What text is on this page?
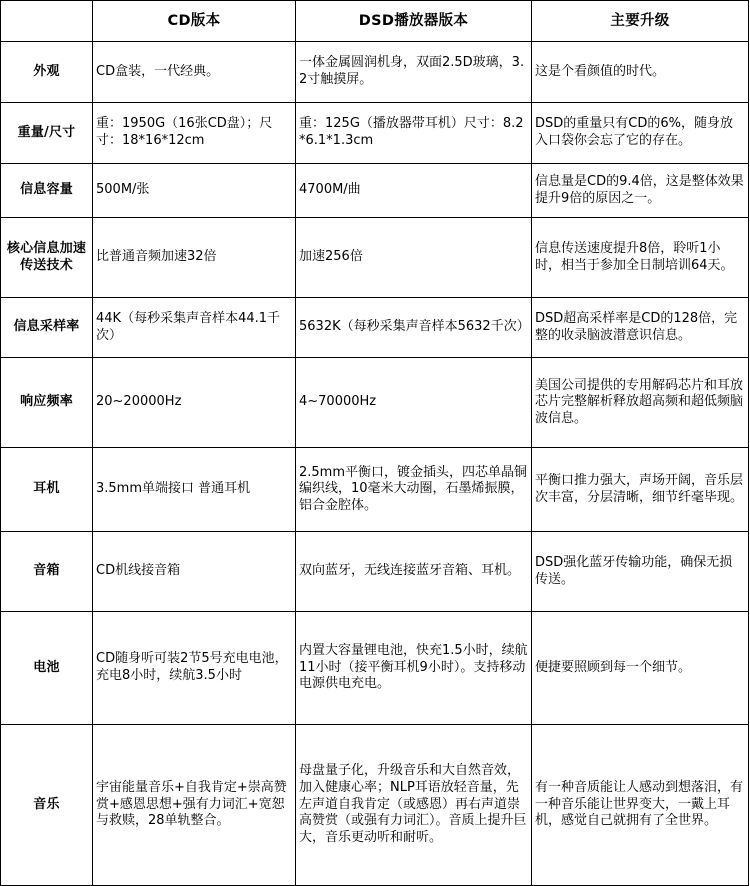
	CD版本	DSD播放器版本	主要升级
外观	CD盒装，一代经典。	一体金属圆润机身，双面2.5D玻璃，3.2寸触摸屏。	这是个看颜值的时代。
重量/尺寸	重：1950G（16张CD盘）；尺寸：18*16*12cm	重：125G（播放器带耳机）尺寸：8.2*6.1*1.3cm	DSD的重量只有CD的6%，随身放入口袋你会忘了它的存在。
信息容量	500M/张	4700M/曲	信息量是CD的9.4倍，这是整体效果提升9倍的原因之一。
核心信息加速传送技术	比普通音频加速32倍	加速256倍	信息传送速度提升8倍，聆听1小时，相当于参加全日制培训64天。
信息采样率	44K（每秒采集声音样本44.1千次）	5632K（每秒采集声音样本5632千次）	DSD超高采样率是CD的128倍，完整的收录脑波潜意识信息。
响应频率	20~20000Hz	4~70000Hz	美国公司提供的专用解码芯片和耳放芯片完整解析释放超高频和超低频脑波信息。
耳机	3.5mm单端接口 普通耳机	2.5mm平衡口，镀金插头，四芯单晶铜编织线，10毫米大动圈，石墨烯振膜，铝合金腔体。	平衡口推力强大，声场开阔，音乐层次丰富，分层清晰，细节纤毫毕现。
音箱	CD机线接音箱	双向蓝牙，无线连接蓝牙音箱、耳机。	DSD强化蓝牙传输功能，确保无损传送。
电池	CD随身听可装2节5号充电电池，充电8小时，续航3.5小时	内置大容量锂电池，快充1.5小时，续航11小时（接平衡耳机9小时）。支持移动电源供电充电。	便捷要照顾到每一个细节。
音乐	宇宙能量音乐+自我肯定+崇高赞赏+感恩思想+强有力词汇+宽恕与救赎，28单轨整合。	母盘量子化，升级音乐和大自然音效，加入健康心率；NLP耳语放轻音量，先左声道自我肯定（或感恩）再右声道崇高赞赏（或强有力词汇）。音质上提升巨大，音乐更动听和耐听。	有一种音质能让人感动到想落泪，有一种音乐能让世界变大，一戴上耳机，感觉自己就拥有了全世界。
